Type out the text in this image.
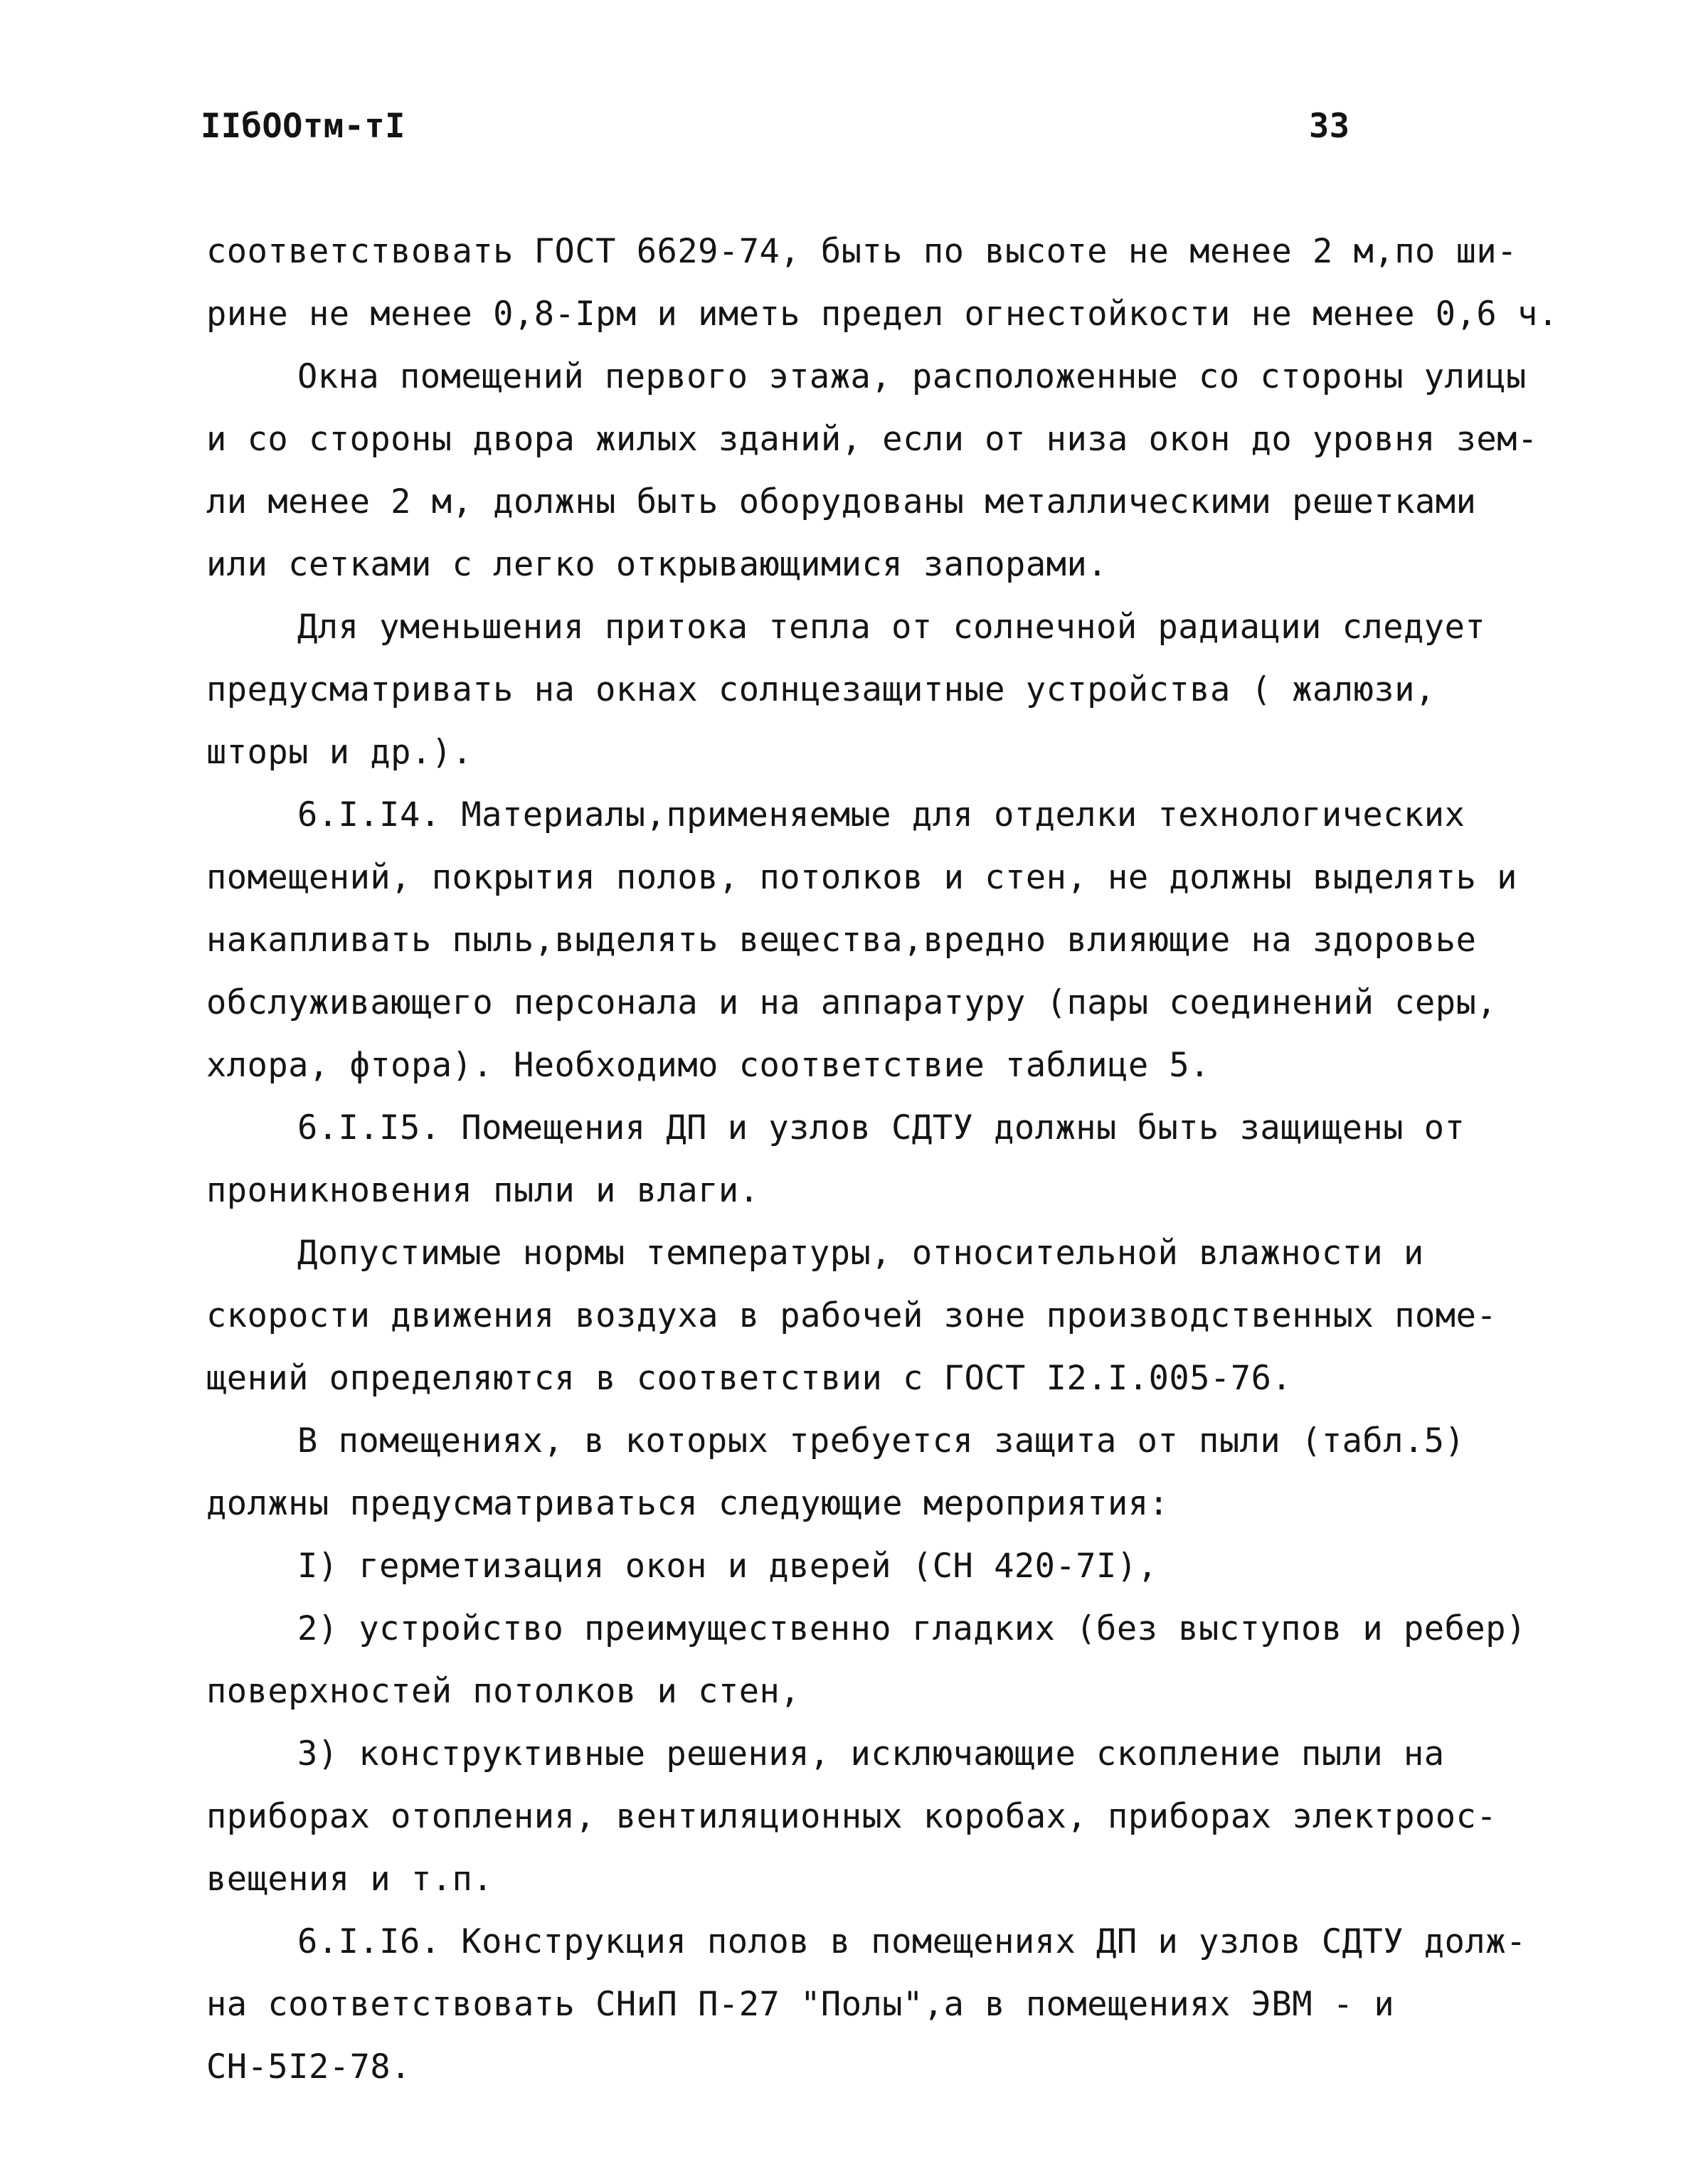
IIбООтм-тI	33
соответствовать ГОСТ 6629-74, быть по высоте не менее 2 м,по ши-
рине не менее 0,8-Iрм и иметь предел огнестойкости не менее 0,6 ч.
Окна помещений первого этажа, расположенные со стороны улицы
и со стороны двора жилых зданий, если от низа окон до уровня зем-
ли менее 2 м, должны быть оборудованы металлическими решетками
или сетками с легко открывающимися запорами.
Для уменьшения притока тепла от солнечной радиации следует
предусматривать на окнах солнцезащитные устройства ( жалюзи,
шторы и др.).
6.I.I4. Материалы,применяемые для отделки технологических
помещений, покрытия полов, потолков и стен, не должны выделять и
накапливать пыль,выделять вещества,вредно влияющие на здоровье
обслуживающего персонала и на аппаратуру (пары соединений серы,
хлора, фтора). Необходимо соответствие таблице 5.
6.I.I5. Помещения ДП и узлов СДТУ должны быть защищены от
проникновения пыли и влаги.
Допустимые нормы температуры, относительной влажности и
скорости движения воздуха в рабочей зоне производственных поме-
щений определяются в соответствии с ГОСТ I2.I.005-76.
В помещениях, в которых требуется защита от пыли (табл.5)
должны предусматриваться следующие мероприятия:
I) герметизация окон и дверей (СН 420-7I),
2) устройство преимущественно гладких (без выступов и ребер)
поверхностей потолков и стен,
3) конструктивные решения, исключающие скопление пыли на
приборах отопления, вентиляционных коробах, приборах электроос-
вещения и т.п.
6.I.I6. Конструкция полов в помещениях ДП и узлов СДТУ долж-
на соответствовать СНиП П-27 "Полы",а в помещениях ЭВМ - и
СН-5I2-78.
